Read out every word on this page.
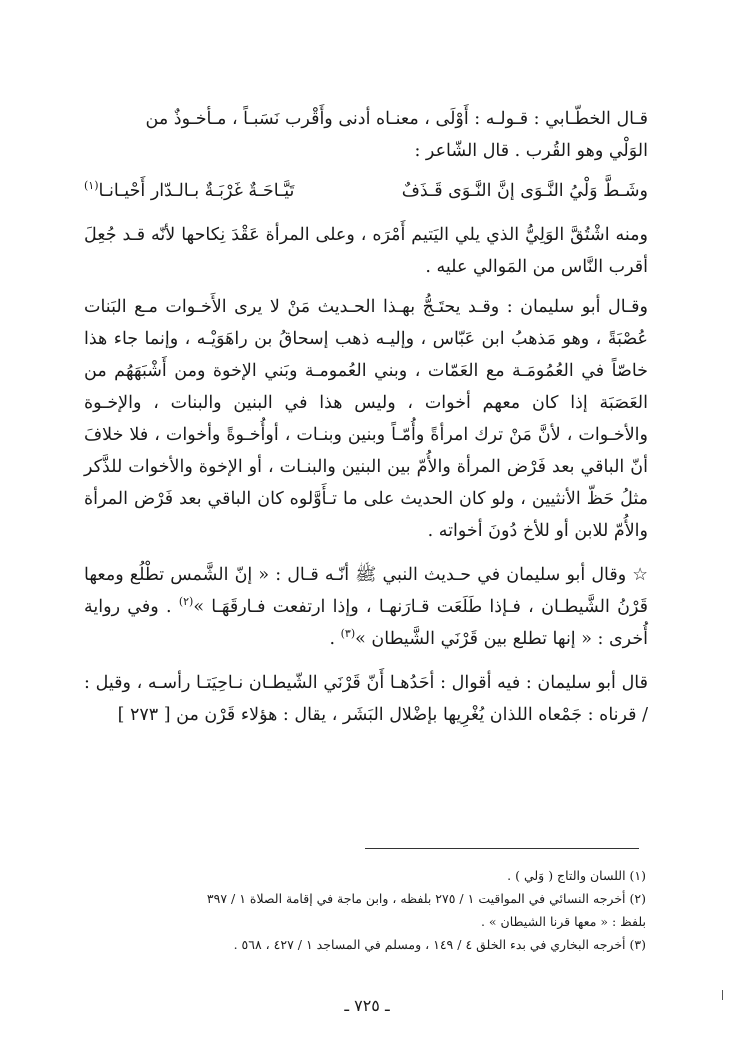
قـال الخطّـابي : قـولـه : أَوْلَى ، معنـاه أدنى وأَقْرب نَسَبـاً ، مـأخـوذٌ من
الوَلْي وهو القُرب . قال الشّاعر :

وشَـطَّ وَلْيُ النَّـوَى إنَّ النَّـوَى قَـذَفٌ
تَيَّـاحَـةٌ غَرْبَـةٌ بـالـدّار أَحْيـانـا$^{(١)}$

ومنه اشْتُقَّ الوَلِيُّ الذي يلي اليَتيم أَمْرَه ، وعلى المرأة عَقْدَ نِكاحها لأنّه قـد جُعِلَ أقرب النَّاس من المَوالي عليه .

وقـال أبو سليمان : وقـد يحتَـجُّ بهـذا الحـديث مَنْ لا يرى الأَخـوات مـع البَنات عُصْبَةً ، وهو مَذهبُ ابن عَبّاس ، وإليـه ذهب إسحاقُ بن راهَوَيْـه ، وإنما جاء هذا خاصّاً في العُمُومَـة مع العَمّات ، وبني العُمومـة وبَني الإخوة ومن أَشْبَهَهُم من العَصَبَة إذا كان معهم أخوات ، وليس هذا في البنين والبنات ، والإخـوة والأخـوات ، لأنَّ مَنْ ترك امرأةً وأُمّـاً وبنين وبنـات ، أوأُخـوةً وأخوات ، فلا خلافَ أنّ الباقي بعد فَرْض المرأة والأُمّ بين البنين والبنـات ، أو الإخوة والأخوات للذَّكر مثلُ حَظّ الأنثيين ، ولو كان الحديث على ما تـأَوَّلوه كان الباقي بعد فَرْض المرأة والأُمّ للابن أو للأخ دُونَ أخواته .

☆ وقال أبو سليمان في حـديث النبي ﷺ أنّـه قـال : « إنّ الشَّمس تطْلُع ومعها قَرْنُ الشَّيطـان ، فـإذا طَلَعَت قـارَنهـا ، وإذا ارتفعت فـارقَهَـا »$^{(٢)}$ . وفي رواية أُخرى : « إنها تطلع بين قَرْنَي الشَّيطان »$^{(٣)}$ .

قال أبو سليمان : فيه أقوال : أحَدُهـا أَنّ قَرْنَي الشّيطـان نـاحِيَتـا رأسـه ، وقيل : / قرناه : جَمْعاه اللذان يُغْرِيها بإضْلال البَشَر ، يقال : هؤلاء قَرْن من [ ٢٧٣ ]

(١) اللسان والتاج ( وَلي ) .

(٢) أخرجه النسائي في المواقيت ١ / ٢٧٥ بلفظه ، وابن ماجة في إقامة الصلاة ١ / ٣٩٧

بلفظ : « معها قرنا الشيطان » .

(٣) أخرجه البخاري في بدء الخلق ٤ / ١٤٩ ، ومسلم في المساجد ١ / ٤٢٧ ، ٥٦٨ .

ـ ٧٢٥ ـ
